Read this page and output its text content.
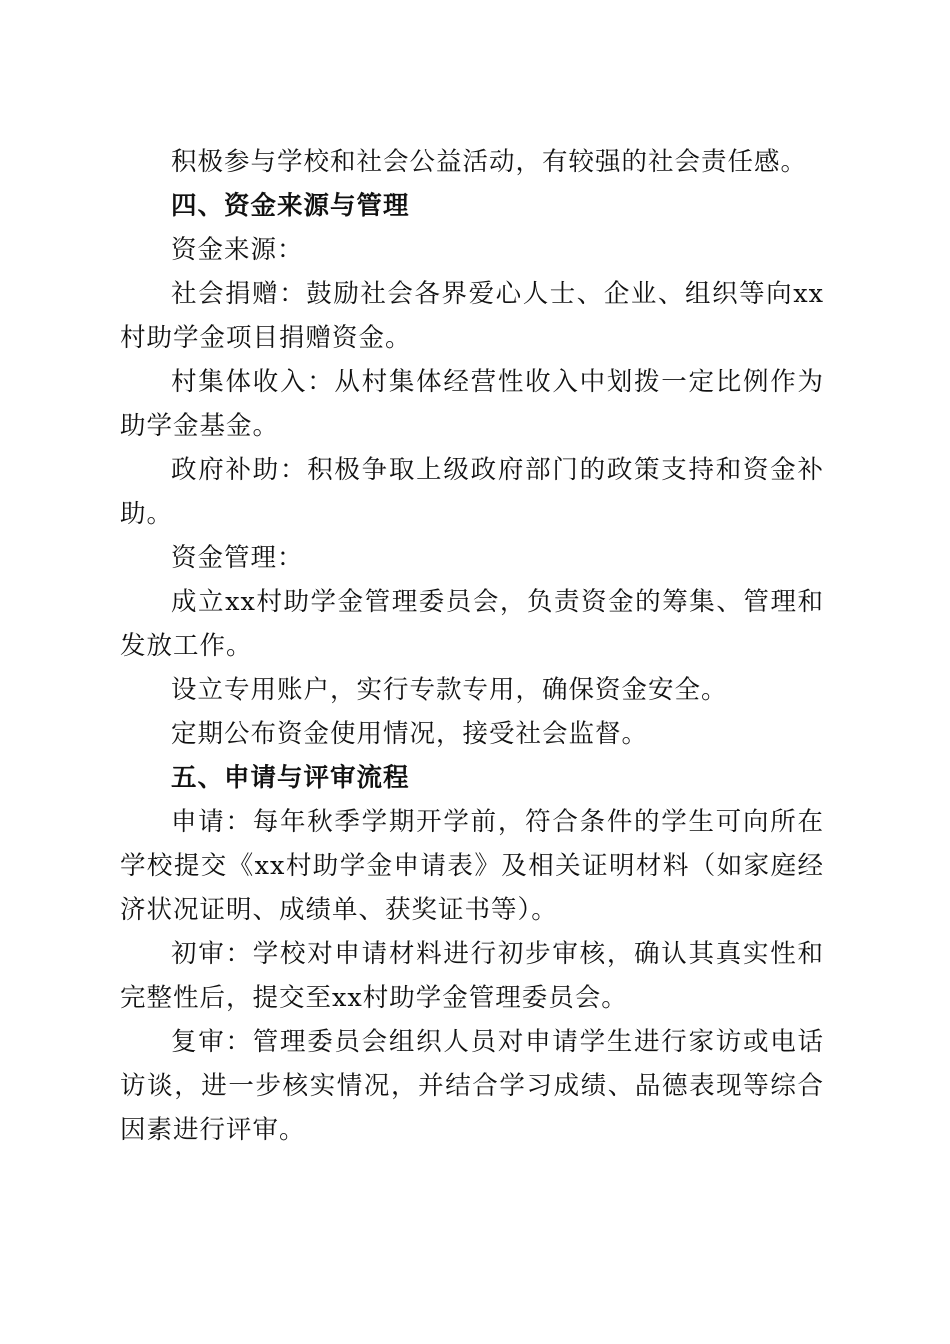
积极参与学校和社会公益活动，有较强的社会责任感。

四、资金来源与管理

资金来源：

社会捐赠：鼓励社会各界爱心人士、企业、组织等向xx村助学金项目捐赠资金。

村集体收入：从村集体经营性收入中划拨一定比例作为助学金基金。

政府补助：积极争取上级政府部门的政策支持和资金补助。

资金管理：

成立xx村助学金管理委员会，负责资金的筹集、管理和发放工作。

设立专用账户，实行专款专用，确保资金安全。

定期公布资金使用情况，接受社会监督。

五、申请与评审流程

申请：每年秋季学期开学前，符合条件的学生可向所在学校提交《xx村助学金申请表》及相关证明材料（如家庭经济状况证明、成绩单、获奖证书等）。

初审：学校对申请材料进行初步审核，确认其真实性和完整性后，提交至xx村助学金管理委员会。

复审：管理委员会组织人员对申请学生进行家访或电话访谈，进一步核实情况，并结合学习成绩、品德表现等综合因素进行评审。
